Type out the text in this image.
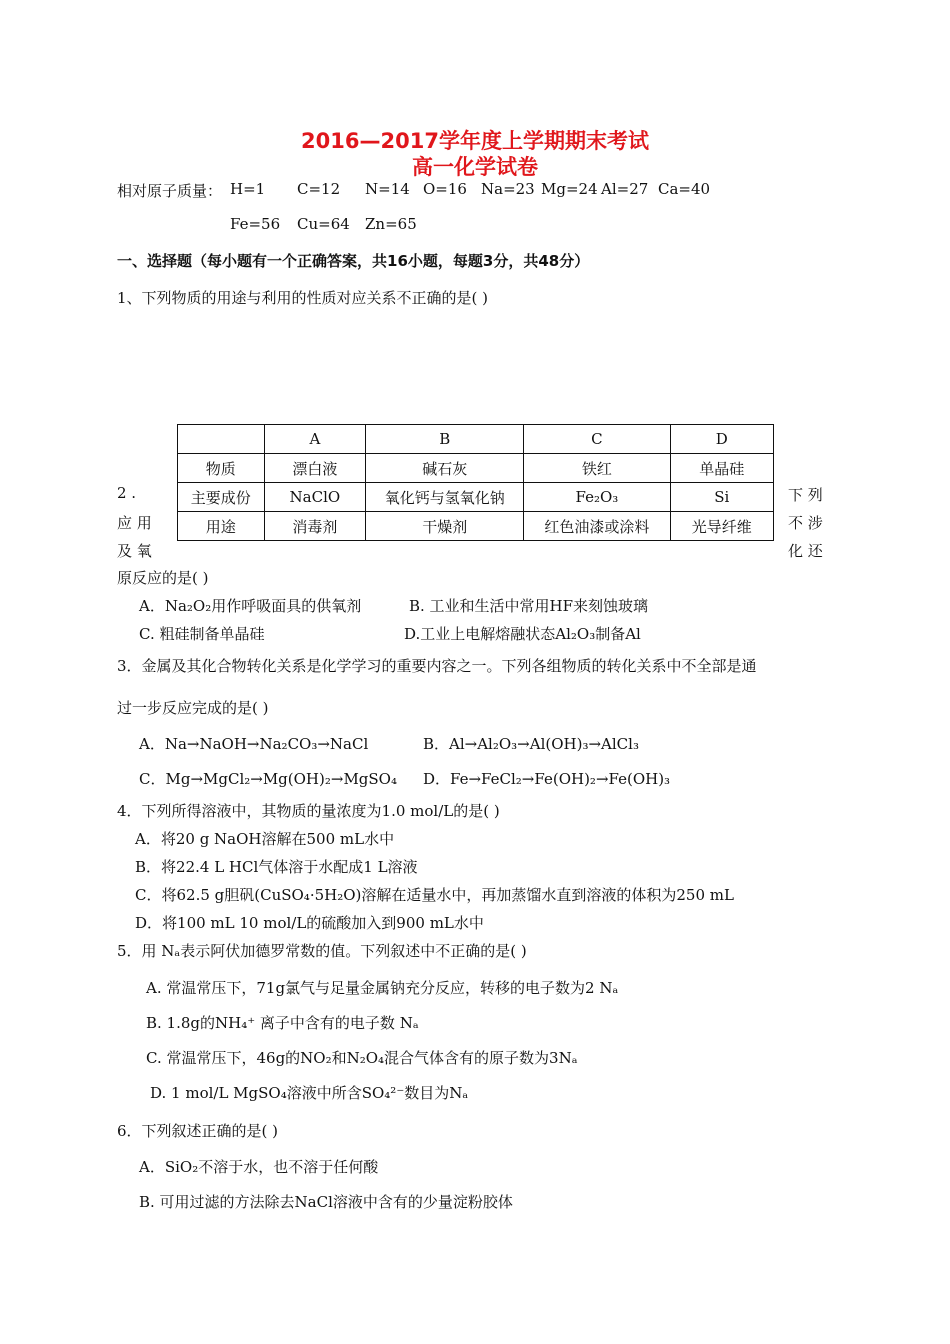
2016—2017学年度上学期期末考试
高一化学试卷
相对原子质量： H=1 C=12 N=14 O=16 Na=23 Mg=24 Al=27 Ca=40
Fe=56 Cu=64 Zn=65
一、选择题（每小题有一个正确答案，共16小题，每题3分，共48分）
1、下列物质的用途与利用的性质对应关系不正确的是( )
	A	B	C	D
物质	漂白液	碱石灰	铁红	单晶硅
主要成份	NaClO	氧化钙与氢氧化钠	Fe₂O₃	Si
用途	消毒剂	干燥剂	红色油漆或涂料	光导纤维
2 .
应 用
及 氧
下 列
不 涉
化 还
原反应的是( )
A．Na₂O₂用作呼吸面具的供氧剂	B. 工业和生活中常用HF来刻蚀玻璃
C. 粗硅制备单晶硅	D.工业上电解熔融状态Al₂O₃制备Al
3．金属及其化合物转化关系是化学学习的重要内容之一。下列各组物质的转化关系中不全部是通
过一步反应完成的是( )
A．Na→NaOH→Na₂CO₃→NaCl	B．Al→Al₂O₃→Al(OH)₃→AlCl₃
C．Mg→MgCl₂→Mg(OH)₂→MgSO₄ D．Fe→FeCl₂→Fe(OH)₂→Fe(OH)₃
4．下列所得溶液中，其物质的量浓度为1.0 mol/L的是( )
A．将20 g NaOH溶解在500 mL水中
B．将22.4 L HCl气体溶于水配成1 L溶液
C．将62.5 g胆矾(CuSO₄·5H₂O)溶解在适量水中，再加蒸馏水直到溶液的体积为250 mL
D．将100 mL 10 mol/L的硫酸加入到900 mL水中
5．用 Nₐ表示阿伏加德罗常数的值。下列叙述中不正确的是( )
A. 常温常压下，71g氯气与足量金属钠充分反应，转移的电子数为2 Nₐ
B. 1.8g的NH₄⁺ 离子中含有的电子数 Nₐ
C. 常温常压下，46g的NO₂和N₂O₄混合气体含有的原子数为3Nₐ
D. 1 mol/L MgSO₄溶液中所含SO₄²⁻数目为Nₐ
6．下列叙述正确的是( )
A．SiO₂不溶于水，也不溶于任何酸
B. 可用过滤的方法除去NaCl溶液中含有的少量淀粉胶体
